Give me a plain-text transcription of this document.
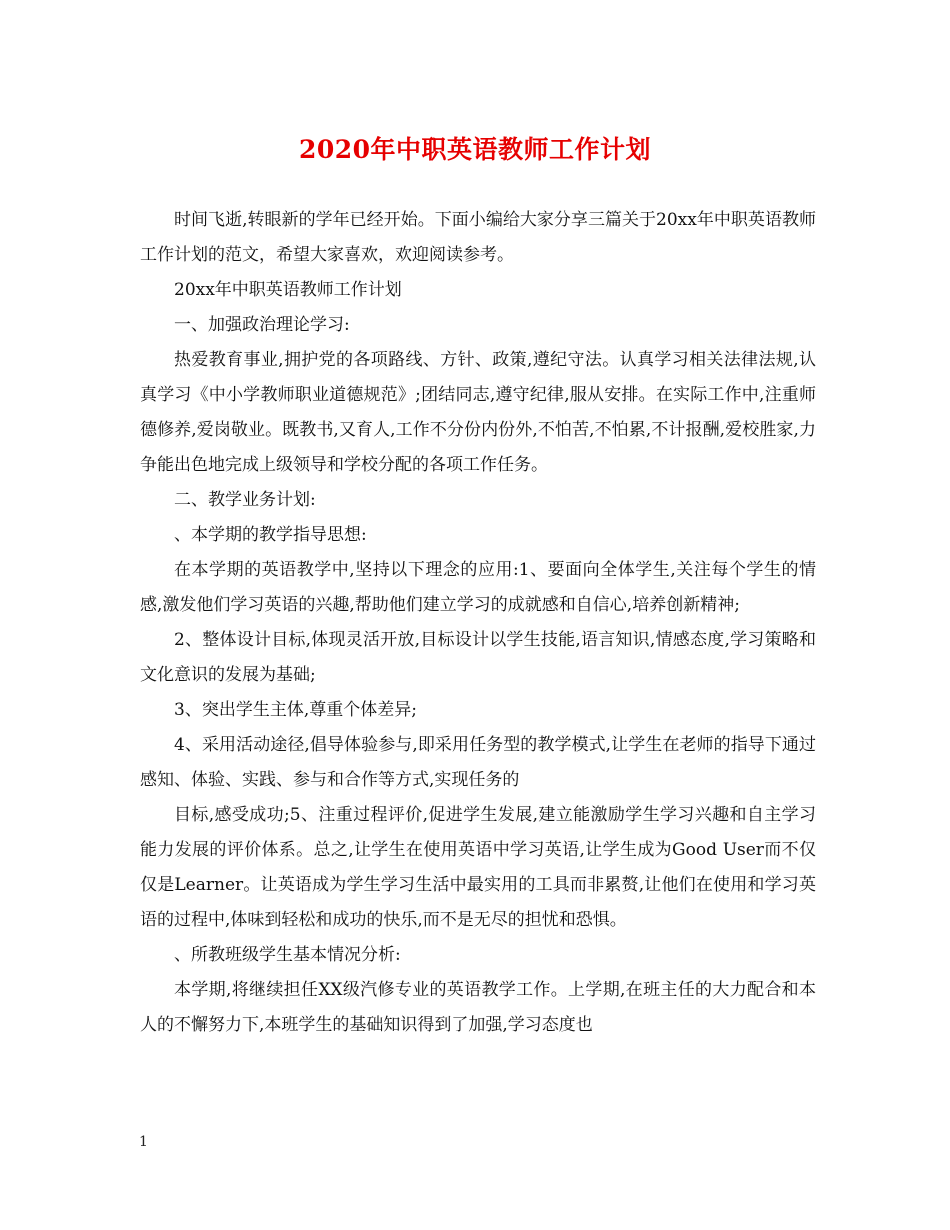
2020年中职英语教师工作计划

时间飞逝,转眼新的学年已经开始。下面小编给大家分享三篇关于20xx年中职英语教师工作计划的范文，希望大家喜欢，欢迎阅读参考。

20xx年中职英语教师工作计划

一、加强政治理论学习:

热爱教育事业,拥护党的各项路线、方针、政策,遵纪守法。认真学习相关法律法规,认真学习《中小学教师职业道德规范》;团结同志,遵守纪律,服从安排。在实际工作中,注重师德修养,爱岗敬业。既教书,又育人,工作不分份内份外,不怕苦,不怕累,不计报酬,爱校胜家,力争能出色地完成上级领导和学校分配的各项工作任务。

二、教学业务计划:

、本学期的教学指导思想:

在本学期的英语教学中,坚持以下理念的应用:1、要面向全体学生,关注每个学生的情感,激发他们学习英语的兴趣,帮助他们建立学习的成就感和自信心,培养创新精神;

2、整体设计目标,体现灵活开放,目标设计以学生技能,语言知识,情感态度,学习策略和文化意识的发展为基础;

3、突出学生主体,尊重个体差异;

4、采用活动途径,倡导体验参与,即采用任务型的教学模式,让学生在老师的指导下通过感知、体验、实践、参与和合作等方式,实现任务的

目标,感受成功;5、注重过程评价,促进学生发展,建立能激励学生学习兴趣和自主学习能力发展的评价体系。总之,让学生在使用英语中学习英语,让学生成为Good User而不仅仅是Learner。让英语成为学生学习生活中最实用的工具而非累赘,让他们在使用和学习英语的过程中,体味到轻松和成功的快乐,而不是无尽的担忧和恐惧。

、所教班级学生基本情况分析:

本学期,将继续担任XX级汽修专业的英语教学工作。上学期,在班主任的大力配合和本人的不懈努力下,本班学生的基础知识得到了加强,学习态度也

1
